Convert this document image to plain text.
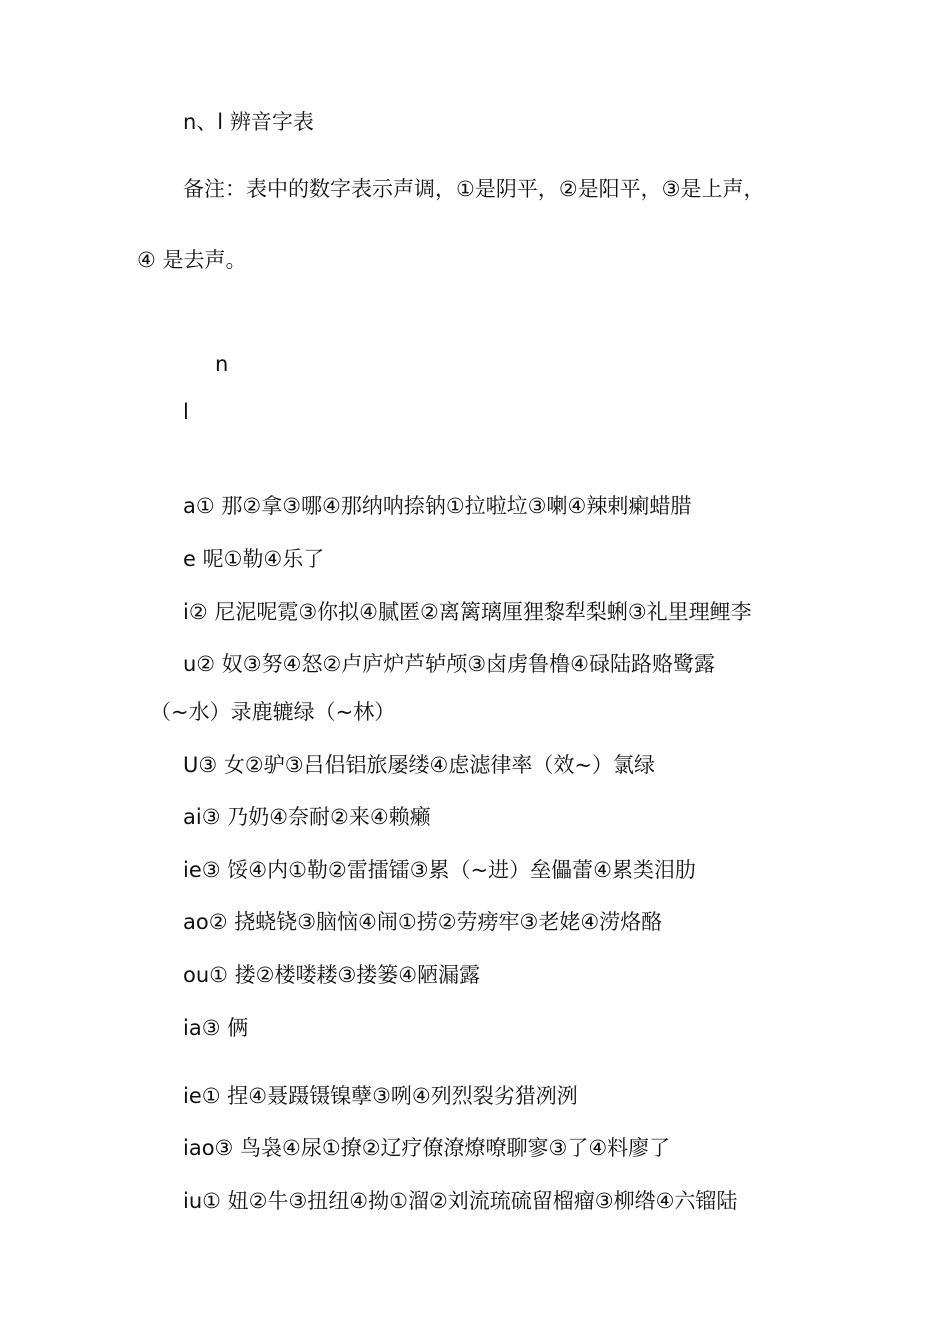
n、l 辨音字表
备注：表中的数字表示声调，①是阴平，②是阳平，③是上声，
④ 是去声。
n
l
a① 那②拿③哪④那纳呐捺钠①拉啦垃③喇④辣剌瘌蜡腊
e 呢①勒④乐了
i② 尼泥呢霓③你拟④腻匿②离篱璃厘狸黎犁梨蜊③礼里理鲤李
u② 奴③努④怒②卢庐炉芦轳颅③卤虏鲁橹④碌陆路赂鹭露
（~水）录鹿辘绿（~林）
U③ 女②驴③吕侣铝旅屡缕④虑滤律率（效~）氯绿
ai③ 乃奶④奈耐②来④赖癞
ie③ 馁④内①勒②雷擂镭③累（~进）垒儡蕾④累类泪肋
ao② 挠蛲铙③脑恼④闹①捞②劳痨牢③老姥④涝烙酪
ou① 搂②楼喽耧③搂篓④陋漏露
ia③ 俩
ie① 捏④聂蹑镊镍孽③咧④列烈裂劣猎冽洌
iao③ 鸟袅④尿①撩②辽疗僚潦燎嘹聊寥③了④料廖了
iu① 妞②牛③扭纽④拗①溜②刘流琉硫留榴瘤③柳绺④六镏陆
